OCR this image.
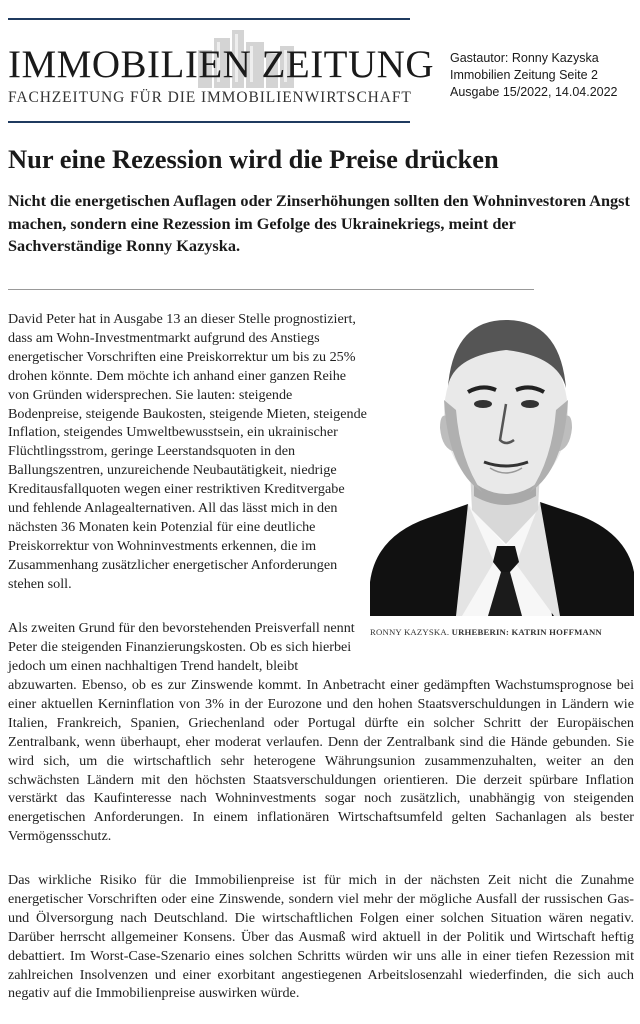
IMMOBILIEN ZEITUNG
FACHZEITUNG FÜR DIE IMMOBILIENWIRTSCHAFT
Gastautor: Ronny Kazyska
Immobilien Zeitung Seite 2
Ausgabe 15/2022, 14.04.2022
Nur eine Rezession wird die Preise drücken

Nicht die energetischen Auflagen oder Zinserhöhungen sollten den Wohninvestoren Angst machen, sondern eine Rezession im Gefolge des Ukrainekriegs, meint der Sachverständige Ronny Kazyska.

RONNY KAZYSKA. URHEBERIN: KATRIN HOFFMANN

David Peter hat in Ausgabe 13 an dieser Stelle prognostiziert, dass am Wohn-Investmentmarkt aufgrund des Anstiegs energetischer Vorschriften eine Preiskorrektur um bis zu 25% drohen könnte. Dem möchte ich anhand einer ganzen Reihe von Gründen widersprechen. Sie lauten: steigende Bodenpreise, steigende Baukosten, steigende Mieten, steigende Inflation, steigendes Umweltbewusstsein, ein ukrainischer Flüchtlingsstrom, geringe Leerstandsquoten in den Ballungszentren, unzureichende Neubautätigkeit, niedrige Kreditausfallquoten wegen einer restriktiven Kreditvergabe und fehlende Anlagealternativen. All das lässt mich in den nächsten 36 Monaten kein Potenzial für eine deutliche Preiskorrektur von Wohninvestments erkennen, die im Zusammenhang zusätzlicher energetischer Anforderungen stehen soll.

Als zweiten Grund für den bevorstehenden Preisverfall nennt Peter die steigenden Finanzierungskosten. Ob es sich hierbei jedoch um einen nachhaltigen Trend handelt, bleibt

abzuwarten. Ebenso, ob es zur Zinswende kommt. In Anbetracht einer gedämpften Wachstumsprognose bei einer aktuellen Kerninflation von 3% in der Eurozone und den hohen Staatsverschuldungen in Ländern wie Italien, Frankreich, Spanien, Griechenland oder Portugal dürfte ein solcher Schritt der Europäischen Zentralbank, wenn überhaupt, eher moderat verlaufen. Denn der Zentralbank sind die Hände gebunden. Sie wird sich, um die wirtschaftlich sehr heterogene Währungsunion zusammenzuhalten, weiter an den schwächsten Ländern mit den höchsten Staatsverschuldungen orientieren. Die derzeit spürbare Inflation verstärkt das Kaufinteresse nach Wohninvestments sogar noch zusätzlich, unabhängig von steigenden energetischen Anforderungen. In einem inflationären Wirtschaftsumfeld gelten Sachanlagen als bester Vermögensschutz.

Das wirkliche Risiko für die Immobilienpreise ist für mich in der nächsten Zeit nicht die Zunahme energetischer Vorschriften oder eine Zinswende, sondern viel mehr der mögliche Ausfall der russischen Gas- und Ölversorgung nach Deutschland. Die wirtschaftlichen Folgen einer solchen Situation wären negativ. Darüber herrscht allgemeiner Konsens. Über das Ausmaß wird aktuell in der Politik und Wirtschaft heftig debattiert. Im Worst-Case-Szenario eines solchen Schritts würden wir uns alle in einer tiefen Rezession mit zahlreichen Insolvenzen und einer exorbitant angestiegenen Arbeitslosenzahl wiederfinden, die sich auch negativ auf die Immobilienpreise auswirken würde.
